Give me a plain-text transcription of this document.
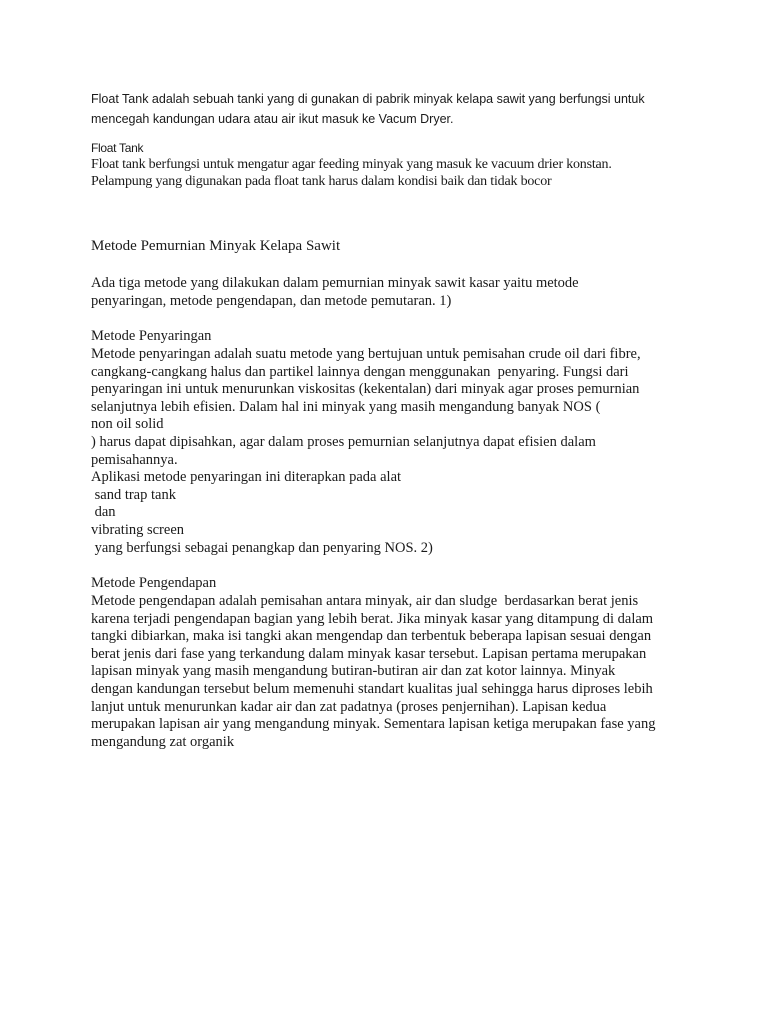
Float Tank adalah sebuah tanki yang di gunakan di pabrik minyak kelapa sawit yang berfungsi untuk
mencegah kandungan udara atau air ikut masuk ke Vacum Dryer.

Float Tank

Float tank berfungsi untuk mengatur agar feeding minyak yang masuk ke vacuum drier konstan.
Pelampung yang digunakan pada float tank harus dalam kondisi baik dan tidak bocor

Metode Pemurnian Minyak Kelapa Sawit

Ada tiga metode yang dilakukan dalam pemurnian minyak sawit kasar yaitu metode
penyaringan, metode pengendapan, dan metode pemutaran. 1)

Metode Penyaringan

Metode penyaringan adalah suatu metode yang bertujuan untuk pemisahan crude oil dari fibre,
cangkang-cangkang halus dan partikel lainnya dengan menggunakan  penyaring. Fungsi dari
penyaringan ini untuk menurunkan viskositas (kekentalan) dari minyak agar proses pemurnian
selanjutnya lebih efisien. Dalam hal ini minyak yang masih mengandung banyak NOS (
non oil solid
) harus dapat dipisahkan, agar dalam proses pemurnian selanjutnya dapat efisien dalam
pemisahannya.
Aplikasi metode penyaringan ini diterapkan pada alat
sand trap tank
dan
vibrating screen
yang berfungsi sebagai penangkap dan penyaring NOS. 2)

Metode Pengendapan

Metode pengendapan adalah pemisahan antara minyak, air dan sludge  berdasarkan berat jenis
karena terjadi pengendapan bagian yang lebih berat. Jika minyak kasar yang ditampung di dalam
tangki dibiarkan, maka isi tangki akan mengendap dan terbentuk beberapa lapisan sesuai dengan
berat jenis dari fase yang terkandung dalam minyak kasar tersebut. Lapisan pertama merupakan
lapisan minyak yang masih mengandung butiran-butiran air dan zat kotor lainnya. Minyak
dengan kandungan tersebut belum memenuhi standart kualitas jual sehingga harus diproses lebih
lanjut untuk menurunkan kadar air dan zat padatnya (proses penjernihan). Lapisan kedua
merupakan lapisan air yang mengandung minyak. Sementara lapisan ketiga merupakan fase yang
mengandung zat organik
